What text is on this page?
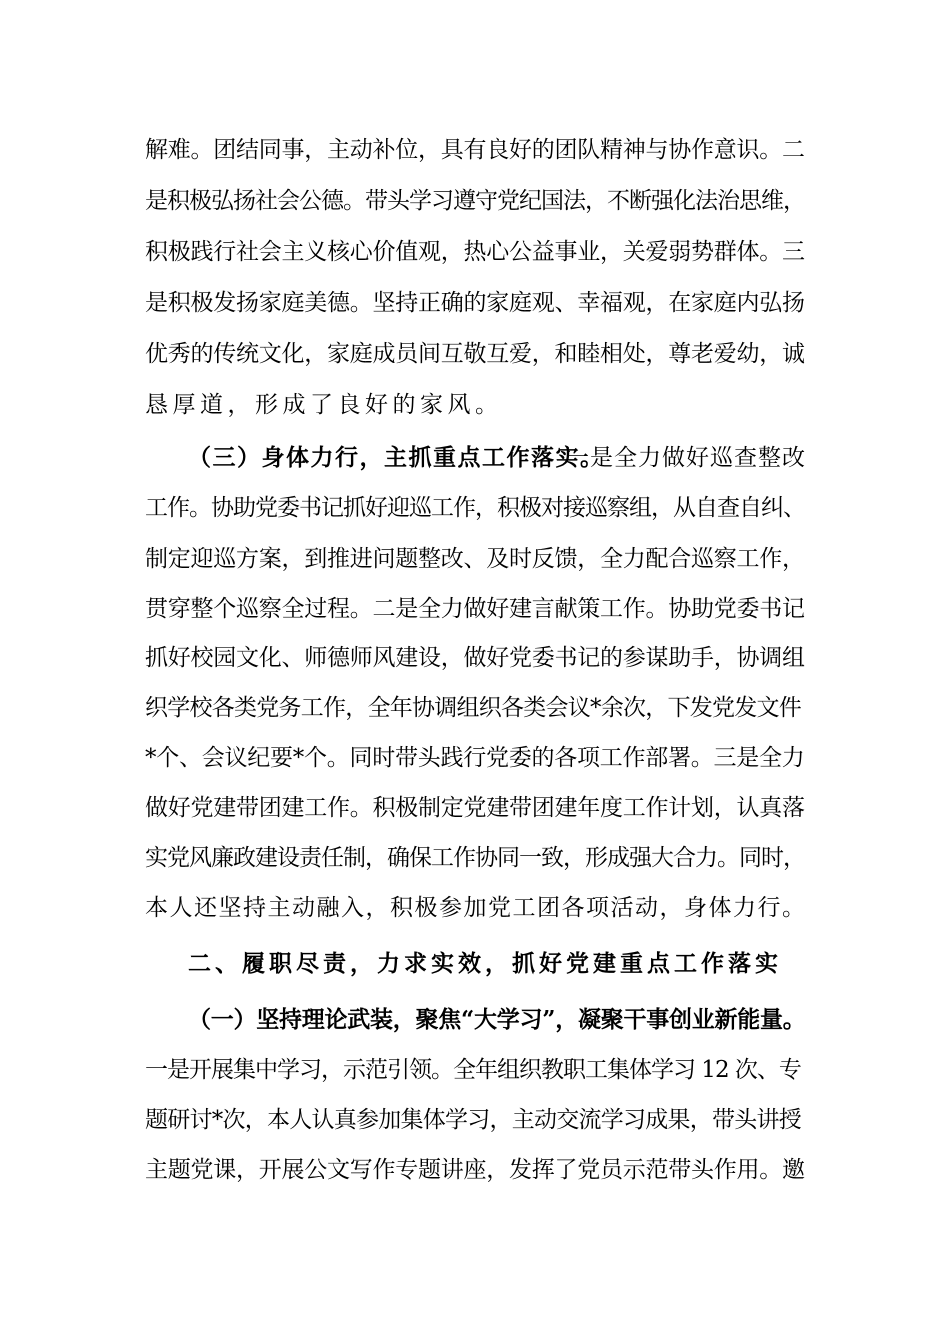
解难。团结同事，主动补位，具有良好的团队精神与协作意识。二
是积极弘扬社会公德。带头学习遵守党纪国法，不断强化法治思维，
积极践行社会主义核心价值观，热心公益事业，关爱弱势群体。三
是积极发扬家庭美德。坚持正确的家庭观、幸福观，在家庭内弘扬
优秀的传统文化，家庭成员间互敬互爱，和睦相处，尊老爱幼，诚
恳厚道，形成了良好的家风。
（三）身体力行，主抓重点工作落实。
一是全力做好巡查整改
工作。协助党委书记抓好迎巡工作，积极对接巡察组，从自查自纠、
制定迎巡方案，到推进问题整改、及时反馈，全力配合巡察工作，
贯穿整个巡察全过程。二是全力做好建言献策工作。协助党委书记
抓好校园文化、师德师风建设，做好党委书记的参谋助手，协调组
织学校各类党务工作，全年协调组织各类会议*余次，下发党发文件
*个、会议纪要*个。同时带头践行党委的各项工作部署。三是全力
做好党建带团建工作。积极制定党建带团建年度工作计划，认真落
实党风廉政建设责任制，确保工作协同一致，形成强大合力。同时，
本人还坚持主动融入，积极参加党工团各项活动，身体力行。
二、履职尽责，力求实效，抓好党建重点工作落实
（一）坚持理论武装，聚焦“大学习”，凝聚干事创业新能量。
一是开展集中学习，示范引领。全年组织教职工集体学习 12 次、专
题研讨*次，本人认真参加集体学习，主动交流学习成果，带头讲授
主题党课，开展公文写作专题讲座，发挥了党员示范带头作用。邀
